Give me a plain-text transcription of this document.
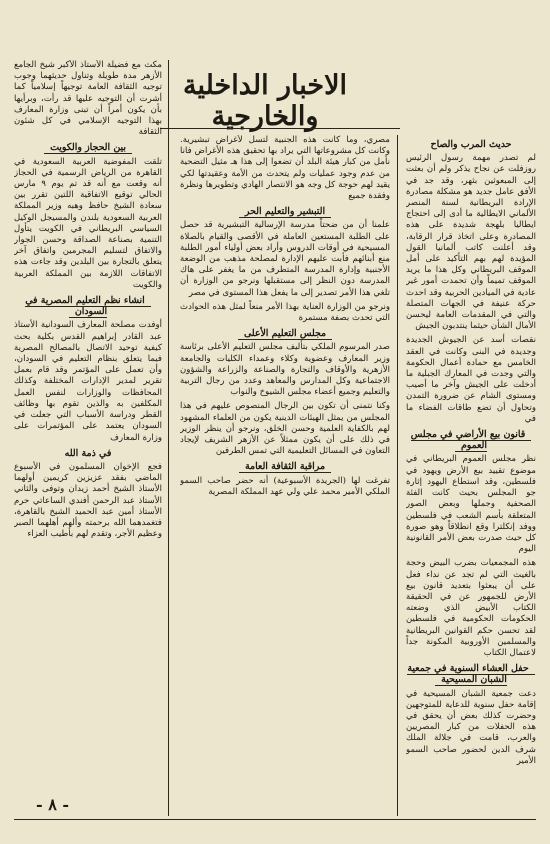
الاخبار الداخلية والخارجية
حديث المرب والصاح

لم تصدر مهمة رسول الرئيس روزفلت عن نجاح يذكر ولم أن بعثت إلى المبعوثين بثهر، وقد جد في الأفق عامل جديد هو مشكلة مصادرة الإرادة البريطانية لسنة المنصر الألماني الايطالية ما أدى إلى احتجاج ايطاليا بلهجة شديدة على هذه المصادرة وعلى اتخاذ قرار الرقابة، وقد أعلنت كاتب ألمانيا القول المؤيدة لهم بهم التأكيد على أمل الموقف البريطاني وكل هذا ما يريد الموقف تميماً وأن تحمدت أمور غير عادية في الميادين الحربية وقد احدث حركة عنيفة في الجهات المتصلة والتي في المقدمات العامة ليحسن الأمال الشأن حيثما ينتدبون الجيش

نقصات أسد عن الجيوش الجديدة وجديدة في البنى وكانت في العقد الخامس مع حمادة أعمال الحكومة والتي وجدت في المعارك الجبلية ما أدخلت على الجيش وآخر ما أصيب ومستوى الشام عن ضرورة التمدن وتحاول أن تضع طاقات الفضاء ما في

قانون بيع الأراضي في مجلس العموم

نظر مجلس العموم البريطاني في موضوع تقييد بيع الأرض ويهود في فلسطين، وقد استطاع اليهود إثارة جو المجلس بحيث كانت الفئة الصحفية وجملها وبعض الصور المتعلقة بأسم الشعب في فلسطين ووفد إنكلترا وقع انطلاقاً وهو صورة كل حيث صدرت بعض الأمر القانونية اليوم

هذه المجمعيات بضرب البيض وحجة بالغيث التي لم تجد عن نداء فعل على أن يبعثوا بتعديد قانون بيع الأرض للجمهور عن في الحقيقة الكتاب الأبيض الذي وضعته الحكومات الحكومية في فلسطين لقد تحسن حكم القوانين البريطانية والمسلمين الأوروبية المكونة جداً لاعتمال الكتاب

حفل العشاء السنوية في جمعية الشبان المسيحية

دعت جمعية الشبان المسيحية في إقامة حفل سنوية للدعاية للمتوجهين وحضرت كذلك بعض أن يحقق في هذه الحفلات من كبار المصريين والعرب، قامت في جلالة الملك شرف الدين لحضور صاحب السمو الأمير

مصري، وما كانت هذه الجنبية لتسل لأغراض تبشيرية. وكانت كل مشروعاتها التي يراد بها تحقيق هذه الأغراض فانا نأمل من كبار هيئة البلد أن تضعوا إلى هذا هـ مثيل التضحية من عدم وجود عمليات ولم يتحدث من الأمة وعقيدتها لكي يقيد لهم حوجة كل وجه هو الانتصار الهادي وتطويرها ونظرة وفقدة جميع

التبشير والتعليم الحر

علمنا أن من ضحتاً مدرسة الإرسالية التبشيرية قد حصل على الطلبة المستعين العاملة في الأقصى والقيام بالصلاة المسيحية في أوقات الدروس وأراد بعض أولياء أمور الطلبة منع أبنائهم فأبت عليهم الإدارة لمصلحة مذهب من الوضعة الأجنبية وإدارة المدرسة المتطرف من ما يغفر على هاك المدرسة دون النظر إلى مستقبلها ونرجو من الوزارة أن تلغي هذا الأمر تصدير إلى ما يفعل هذا المستوى في مصر

ونرجو من الوزارة العناية بهذا الأمر منعاً لمثل هذه الحوادث التي تحدث بصفة مستمرة

مجلس التعليم الأعلى

صدر المرسوم الملكي بتأليف مجلس التعليم الأعلى برئاسة وزير المعارف وعضوية وكلاء وعمداء الكليات والجامعة الأزهرية والأوقاف والتجارة والصناعة والزراعة والشؤون الاجتماعية وكل المدارس والمعاهد وعدد من رجال التربية والتعليم وجميع أعضاء مجلس الشيوخ والنواب

وكنا نتمنى أن تكون بين الرجال المنصوص عليهم في هذا المجلس من يمثل الهيئات الدينية يكون من العلماء المشهود لهم بالكفاية العلمية وحسن الخلق، ونرجو أن ينظر الوزير في ذلك على أن يكون ممثلاً عن الأزهر الشريف لإيجاد التعاون في المسائل التعليمية التي تمس الطرفين

مراقبة الثقافة العامة

تفرغت لها (الجريدة الأسبوعية) أنه حضر صاحب السمو الملكي الأمير محمد علي ولي عهد المملكة المصرية

مكث مع فضيلة الأستاذ الأكبر شيخ الجامع الأزهر مدة طويلة وتناول حديثهما وجوب توجيه الثقافة العامة توجيهاً إسلامياً كما أشرت أن التوجيه عليها قد رأت، وبرأيها بأن يكون أمراً أن تبنى وزارة المعارف بهذا التوجيه الإسلامي في كل شئون الثقافة

بين الحجاز والكويت

تلقت المفوضية العربية السعودية في القاهرة من الرياض الرسمية في الحجاز أنه وقعت مع أنه قد تم يوم ٩ مارس الحالي توقيع الاتفاقية اللتين تقرر بين سعادة الشيخ حافظ وهبه وزير المملكة العربية السعودية بلندن والمسيجل الوكيل السياسي البريطاني في الكويت يتأول التنمية بصناعة الصداقة وحسن الجوار والاتفاق لتسليم المجرمين واتفاق آخر يتعلق بالتجارة بين البلدين وقد جاءت هذه الاتفاقات اللازمة بين المملكة العربية والكويت

انشاء نظم التعليم المصرية في السودان

أوفدت مصلحة المعارف السودانية الأستاذ عبد القادر إبراهيم القدس بكلية بحث كيفية توحيد الاتصال بالمصالح المصرية فيما يتعلق بنظام التعليم في السودان، وأن تعمل على المؤتمر وقد قام بعمل تقرير لمدير الإدارات المختلفة وكذلك المحافظات والوزارات لنفس العمل المكلفين به والذين تقوم بها وظائف القطر ودراسة الأسباب التي جعلت في السودان يعتمد على المؤتمرات على وزارة المعارف

في ذمة الله

فجع الإخوان المسلمون في الأسبوع الماضي بفقد عزيزين كريمين أولهما الأستاذ الشيخ أحمد زيدان وتوفى والثاني الأستاذ عبد الرحمن أفندي الساعاتي حرم الأستاذ أمين عبد الحميد الشيخ بالقاهرة، فتغمدهما الله برحمته وألهم أهلهما الصبر وعظيم الأجر، وتقدم لهم بأطيب العزاء

- ٨ -
